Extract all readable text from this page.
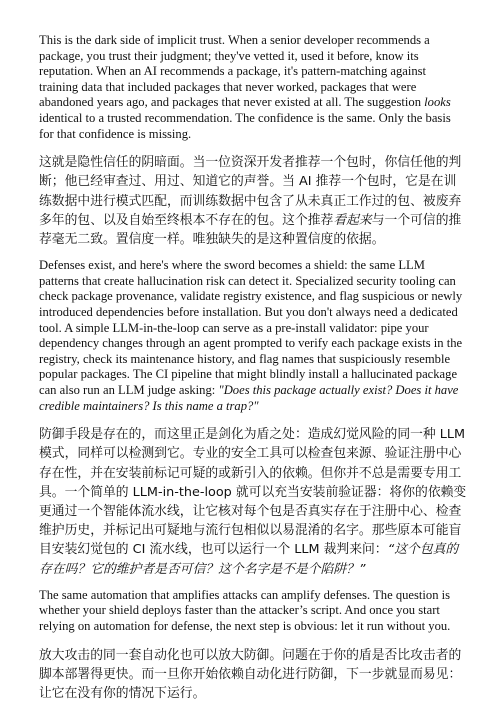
This is the dark side of implicit trust. When a senior developer recommends a package, you trust their judgment; they've vetted it, used it before, know its reputation. When an AI recommends a package, it's pattern-matching against training data that included packages that never worked, packages that were abandoned years ago, and packages that never existed at all. The suggestion looks identical to a trusted recommendation. The confidence is the same. Only the basis for that confidence is missing.

这就是隐性信任的阴暗面。当一位资深开发者推荐一个包时，你信任他的判断；他已经审查过、用过、知道它的声誉。当 AI 推荐一个包时，它是在训练数据中进行模式匹配，而训练数据中包含了从未真正工作过的包、被废弃多年的包、以及自始至终根本不存在的包。这个推荐看起来与一个可信的推荐毫无二致。置信度一样。唯独缺失的是这种置信度的依据。

Defenses exist, and here's where the sword becomes a shield: the same LLM patterns that create hallucination risk can detect it. Specialized security tooling can check package provenance, validate registry existence, and flag suspicious or newly introduced dependencies before installation. But you don't always need a dedicated tool. A simple LLM-in-the-loop can serve as a pre-install validator: pipe your dependency changes through an agent prompted to verify each package exists in the registry, check its maintenance history, and flag names that suspiciously resemble popular packages. The CI pipeline that might blindly install a hallucinated package can also run an LLM judge asking: "Does this package actually exist? Does it have credible maintainers? Is this name a trap?"

防御手段是存在的，而这里正是剑化为盾之处：造成幻觉风险的同一种 LLM 模式，同样可以检测到它。专业的安全工具可以检查包来源、验证注册中心存在性，并在安装前标记可疑的或新引入的依赖。但你并不总是需要专用工具。一个简单的 LLM-in-the-loop 就可以充当安装前验证器：将你的依赖变更通过一个智能体流水线，让它核对每个包是否真实存在于注册中心、检查维护历史，并标记出可疑地与流行包相似以易混淆的名字。那些原本可能盲目安装幻觉包的 CI 流水线，也可以运行一个 LLM 裁判来问：“这个包真的存在吗？它的维护者是否可信？这个名字是不是个陷阱？”

The same automation that amplifies attacks can amplify defenses. The question is whether your shield deploys faster than the attacker’s script. And once you start relying on automation for defense, the next step is obvious: let it run without you.

放大攻击的同一套自动化也可以放大防御。问题在于你的盾是否比攻击者的脚本部署得更快。而一旦你开始依赖自动化进行防御，下一步就显而易见：让它在没有你的情况下运行。
